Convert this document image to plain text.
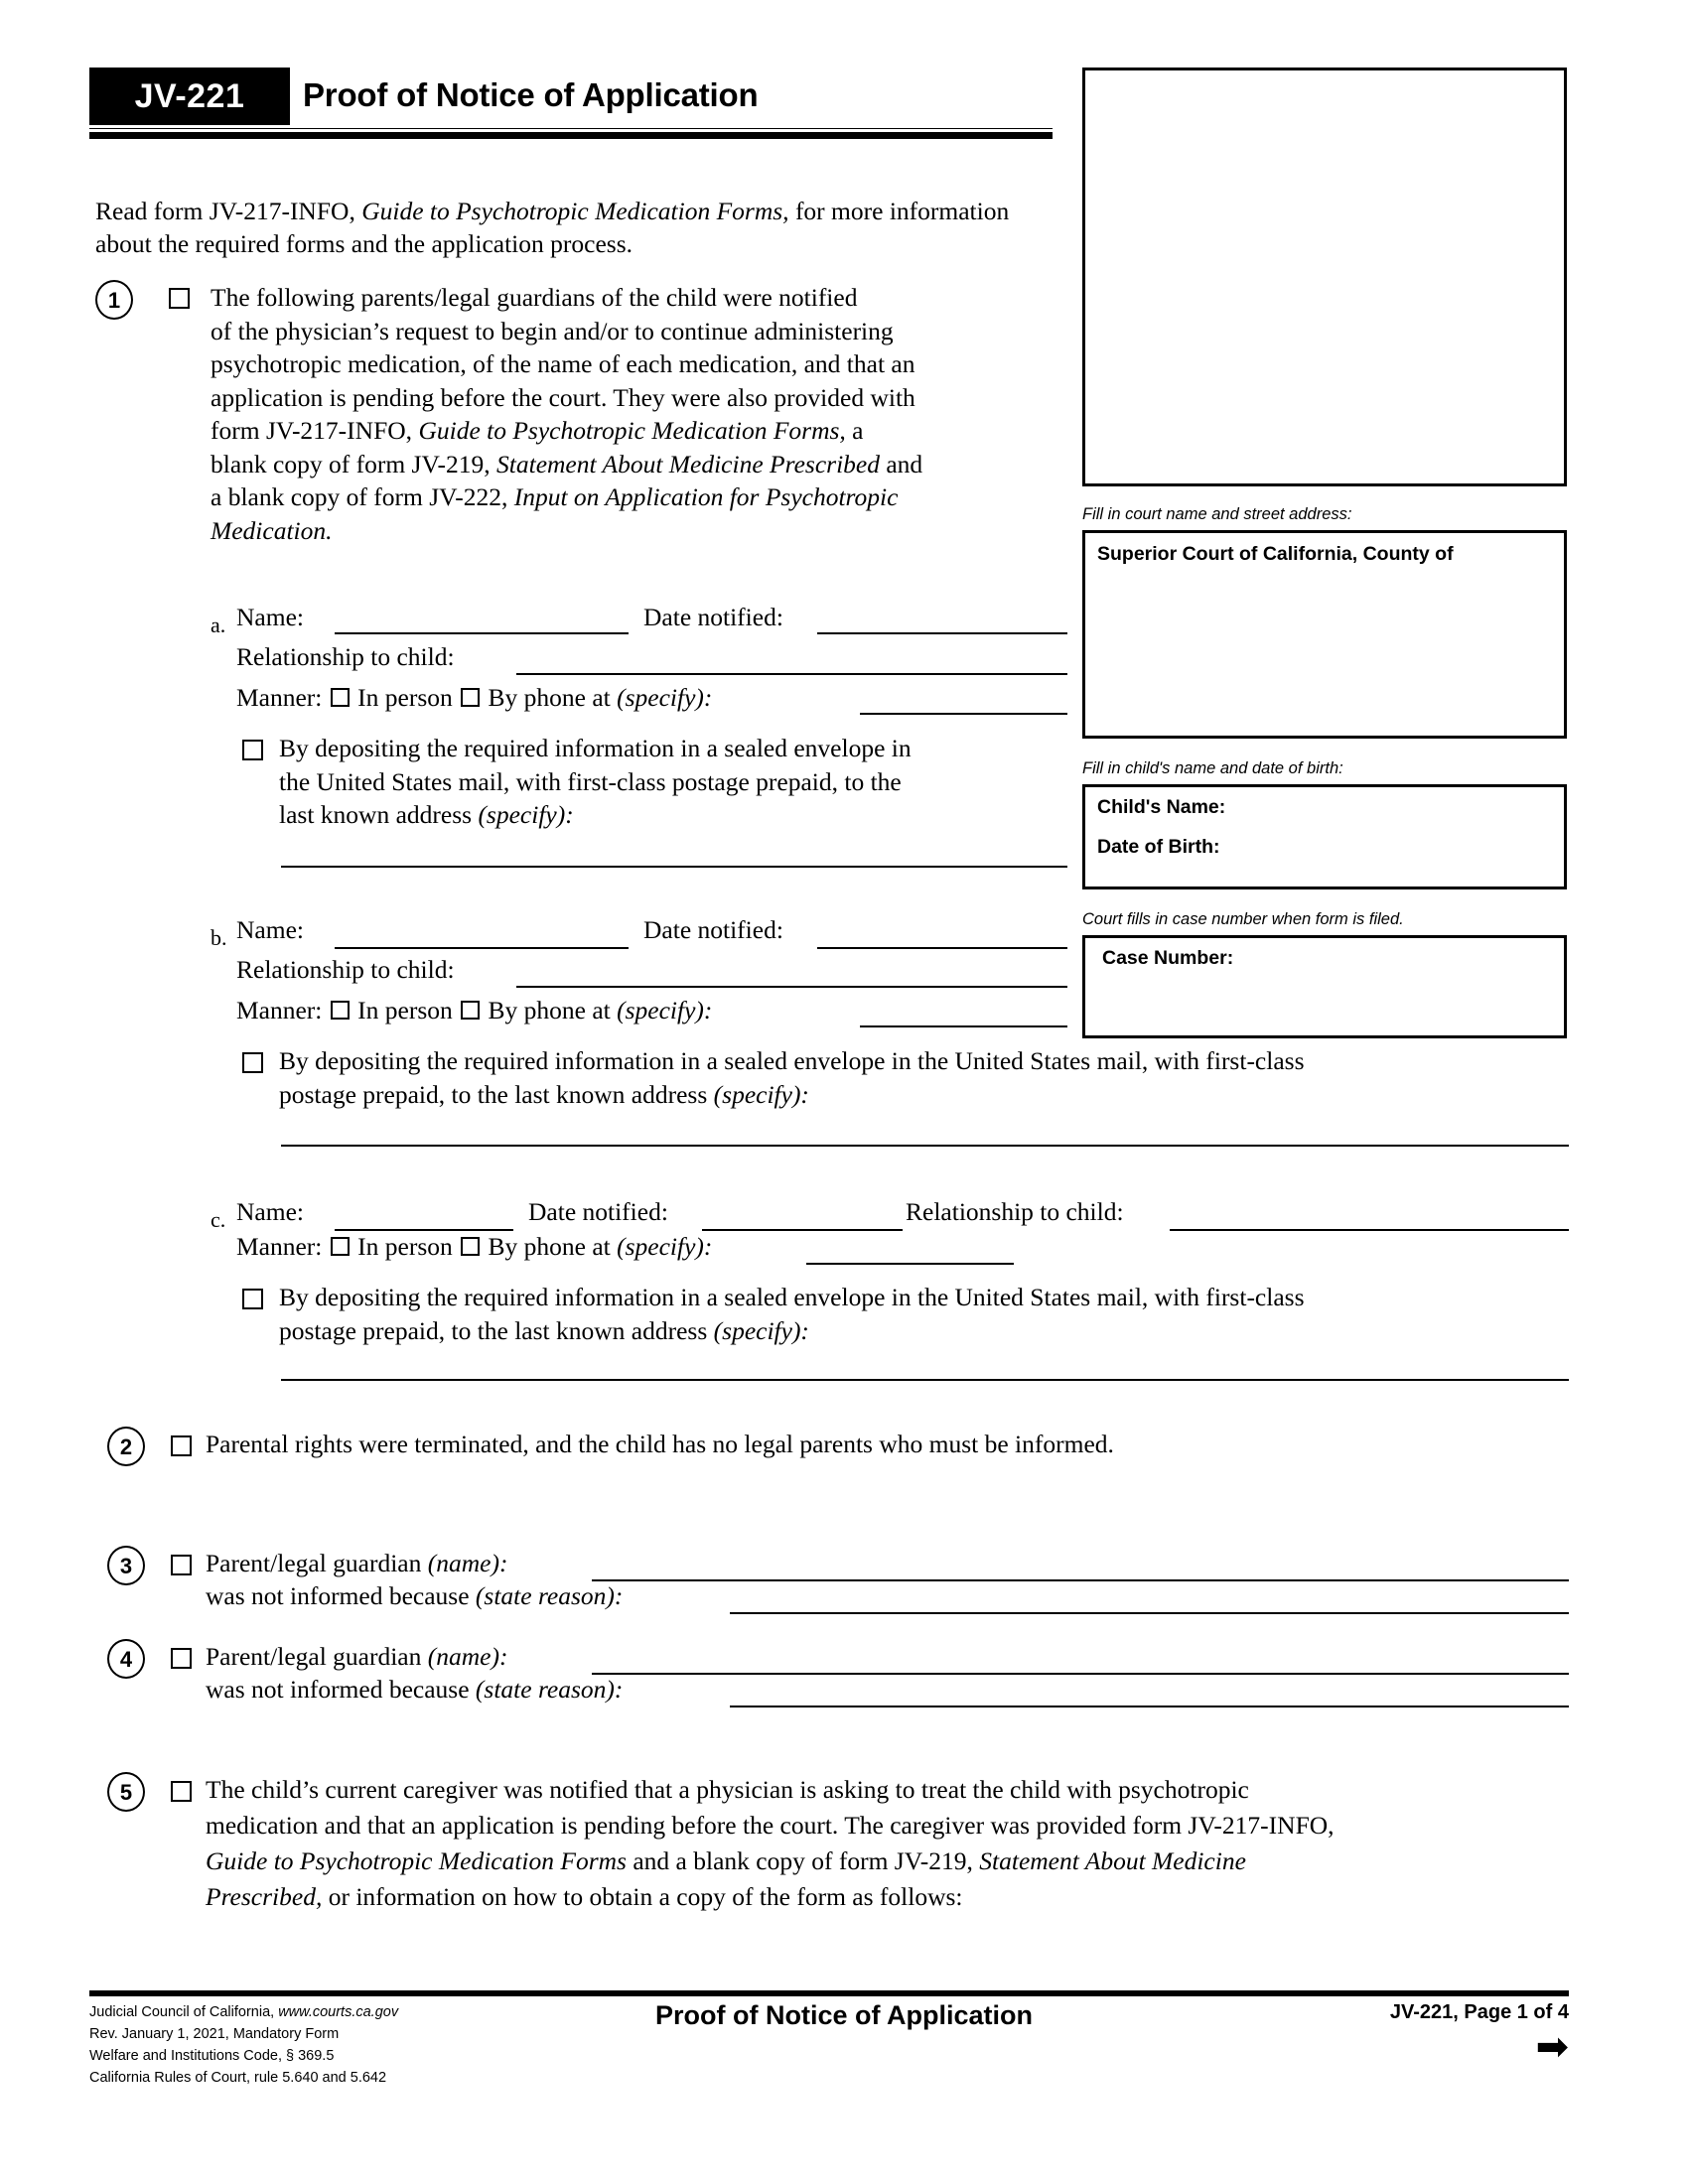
JV-221	Proof of Notice of Application
Fill in court name and street address:
Superior Court of California, County of
Fill in child's name and date of birth:
Child's Name:
Date of Birth:
Court fills in case number when form is filed.
Case Number:
Read form JV-217-INFO, Guide to Psychotropic Medication Forms, for more information about the required forms and the application process.
1	The following parents/legal guardians of the child were notified
of the physician’s request to begin and/or to continue administering
psychotropic medication, of the name of each medication, and that an
application is pending before the court. They were also provided with
form JV-217-INFO, Guide to Psychotropic Medication Forms, a
blank copy of form JV-219, Statement About Medicine Prescribed and
a blank copy of form JV-222, Input on Application for Psychotropic
Medication.
a. Name:	Date notified:
Relationship to child:
Manner: In person By phone at (specify):
By depositing the required information in a sealed envelope in
the United States mail, with first-class postage prepaid, to the
last known address (specify):
b. Name:	Date notified:
Relationship to child:
Manner: In person By phone at (specify):
By depositing the required information in a sealed envelope in the United States mail, with first-class
postage prepaid, to the last known address (specify):
c. Name:	Date notified:	Relationship to child:
Manner: In person By phone at (specify):
By depositing the required information in a sealed envelope in the United States mail, with first-class
postage prepaid, to the last known address (specify):
2	Parental rights were terminated, and the child has no legal parents who must be informed.
3	Parent/legal guardian (name):
was not informed because (state reason):
4	Parent/legal guardian (name):
was not informed because (state reason):
5	The child’s current caregiver was notified that a physician is asking to treat the child with psychotropic
medication and that an application is pending before the court. The caregiver was provided form JV-217-INFO,
Guide to Psychotropic Medication Forms and a blank copy of form JV-219, Statement About Medicine
Prescribed, or information on how to obtain a copy of the form as follows:
Judicial Council of California, www.courts.ca.gov
Rev. January 1, 2021, Mandatory Form
Welfare and Institutions Code, § 369.5
California Rules of Court, rule 5.640 and 5.642
Proof of Notice of Application	JV-221, Page 1 of 4
➡
